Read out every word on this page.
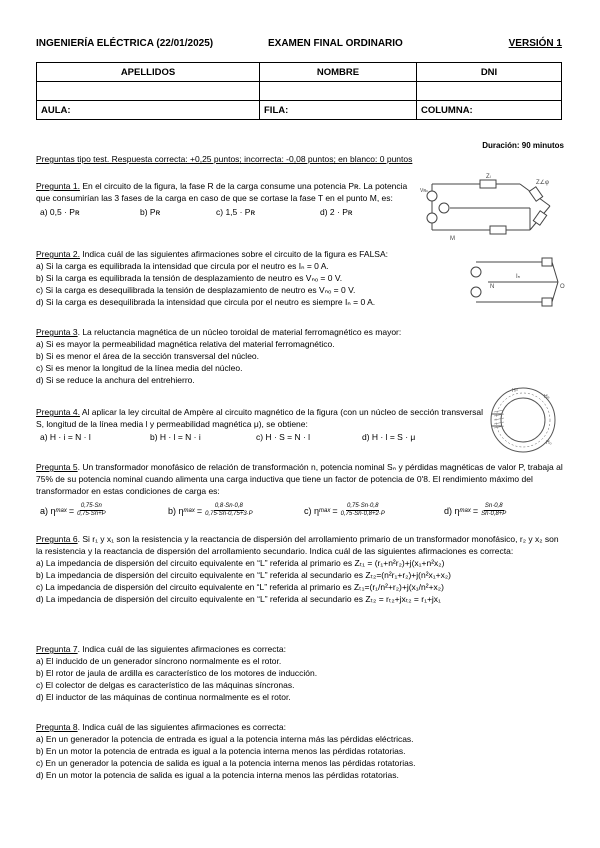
INGENIERÍA ELÉCTRICA (22/01/2025)	EXAMEN FINAL ORDINARIO	VERSIÓN 1
APELLIDOS	NOMBRE	DNI

AULA:	FILA:	COLUMNA:
Duración: 90 minutos
Preguntas tipo test. Respuesta correcta: +0,25 puntos; incorrecta: -0,08 puntos; en blanco: 0 puntos
Pregunta 1. En el circuito de la figura, la fase R de la carga consume una potencia Pʀ. La potencia que consumirían las 3 fases de la carga en caso de que se cortase la fase T en el punto M, es:
a) 0,5 · Pʀ	b) Pʀ	c) 1,5 · Pʀ	d) 2 · Pʀ
Zₗ
Z∠φ
M
Vʀₙ
Pregunta 2. Indica cuál de las siguientes afirmaciones sobre el circuito de la figura es FALSA:
a) Si la carga es equilibrada la intensidad que circula por el neutro es Iₙ = 0 A.
b) Si la carga es equilibrada la tensión de desplazamiento de neutro es Vₙₒ = 0 V.
c) Si la carga es desequilibrada la tensión de desplazamiento de neutro es Vₙₒ = 0 V.
d) Si la carga es desequilibrada la intensidad que circula por el neutro es siempre Iₙ = 0 A.
Iₙ
N	O
Pregunta 3. La reluctancia magnética de un núcleo toroidal de material ferromagnético es mayor:
a) Si es mayor la permeabilidad magnética relativa del material ferromagnético.
b) Si es menor el área de la sección transversal del núcleo.
c) Si es menor la longitud de la línea media del núcleo.
d) Si se reduce la anchura del entrehierro.
Hᵈ
Hₑ
Hₒ
Pregunta 4. Al aplicar la ley circuital de Ampère al circuito magnético de la figura (con un núcleo de sección transversal S, longitud de la línea media l y permeabilidad magnética μ), se obtiene:
a) H · i = N · l	b) H · l = N · i	c) H · S = N · l	d) H · l = S · μ
Pregunta 5. Un transformador monofásico de relación de transformación n, potencia nominal Sₙ y pérdidas magnéticas de valor P, trabaja al 75% de su potencia nominal cuando alimenta una carga inductiva que tiene un factor de potencia de 0'8. El rendimiento máximo del transformador en estas condiciones de carga es:
a) η $\max = \frac{0,75\cdot Sn}{0,75\cdot Sn+P}$	b) η $\max = \frac{0,8\cdot Sn\cdot 0,8}{0,75\cdot Sn\cdot 0,75+3\cdot P}$	c) η $\max = \frac{0,75\cdot Sn\cdot 0,8}{0,75\cdot Sn\cdot 0,8+2\cdot P}$	d) η $\max = \frac{Sn\cdot 0,8}{Sn\cdot 0,8+P}$
Pregunta 6. Si r₁ y x₁ son la resistencia y la reactancia de dispersión del arrollamiento primario de un transformador monofásico, r₂ y x₂ son la resistencia y la reactancia de dispersión del arrollamiento secundario. Indica cuál de las siguientes afirmaciones es correcta:
a) La impedancia de dispersión del circuito equivalente en “L” referida al primario es Zₜ₁ = (r₁+n²r₂)+j(x₁+n²x₂)
b) La impedancia de dispersión del circuito equivalente en “L” referida al secundario es Zₜ₂=(n²r₁+r₂)+j(n²x₁+x₂)
c) La impedancia de dispersión del circuito equivalente en “L” referida al primario es Zₜ₁=(r₁/n²+r₂)+j(x₁/n²+x₂)
d) La impedancia de dispersión del circuito equivalente en “L” referida al secundario es Zₜ₂ = rₜ₂+jxₜ₂ = r₁+jx₁
Pregunta 7. Indica cuál de las siguientes afirmaciones es correcta:
a) El inducido de un generador síncrono normalmente es el rotor.
b) El rotor de jaula de ardilla es característico de los motores de inducción.
c) El colector de delgas es característico de las máquinas síncronas.
d) El inductor de las máquinas de continua normalmente es el rotor.
Pregunta 8. Indica cuál de las siguientes afirmaciones es correcta:
a) En un generador la potencia de entrada es igual a la potencia interna más las pérdidas eléctricas.
b) En un motor la potencia de entrada es igual a la potencia interna menos las pérdidas rotatorias.
c) En un generador la potencia de salida es igual a la potencia interna menos las pérdidas rotatorias.
d) En un motor la potencia de salida es igual a la potencia interna menos las pérdidas rotatorias.
